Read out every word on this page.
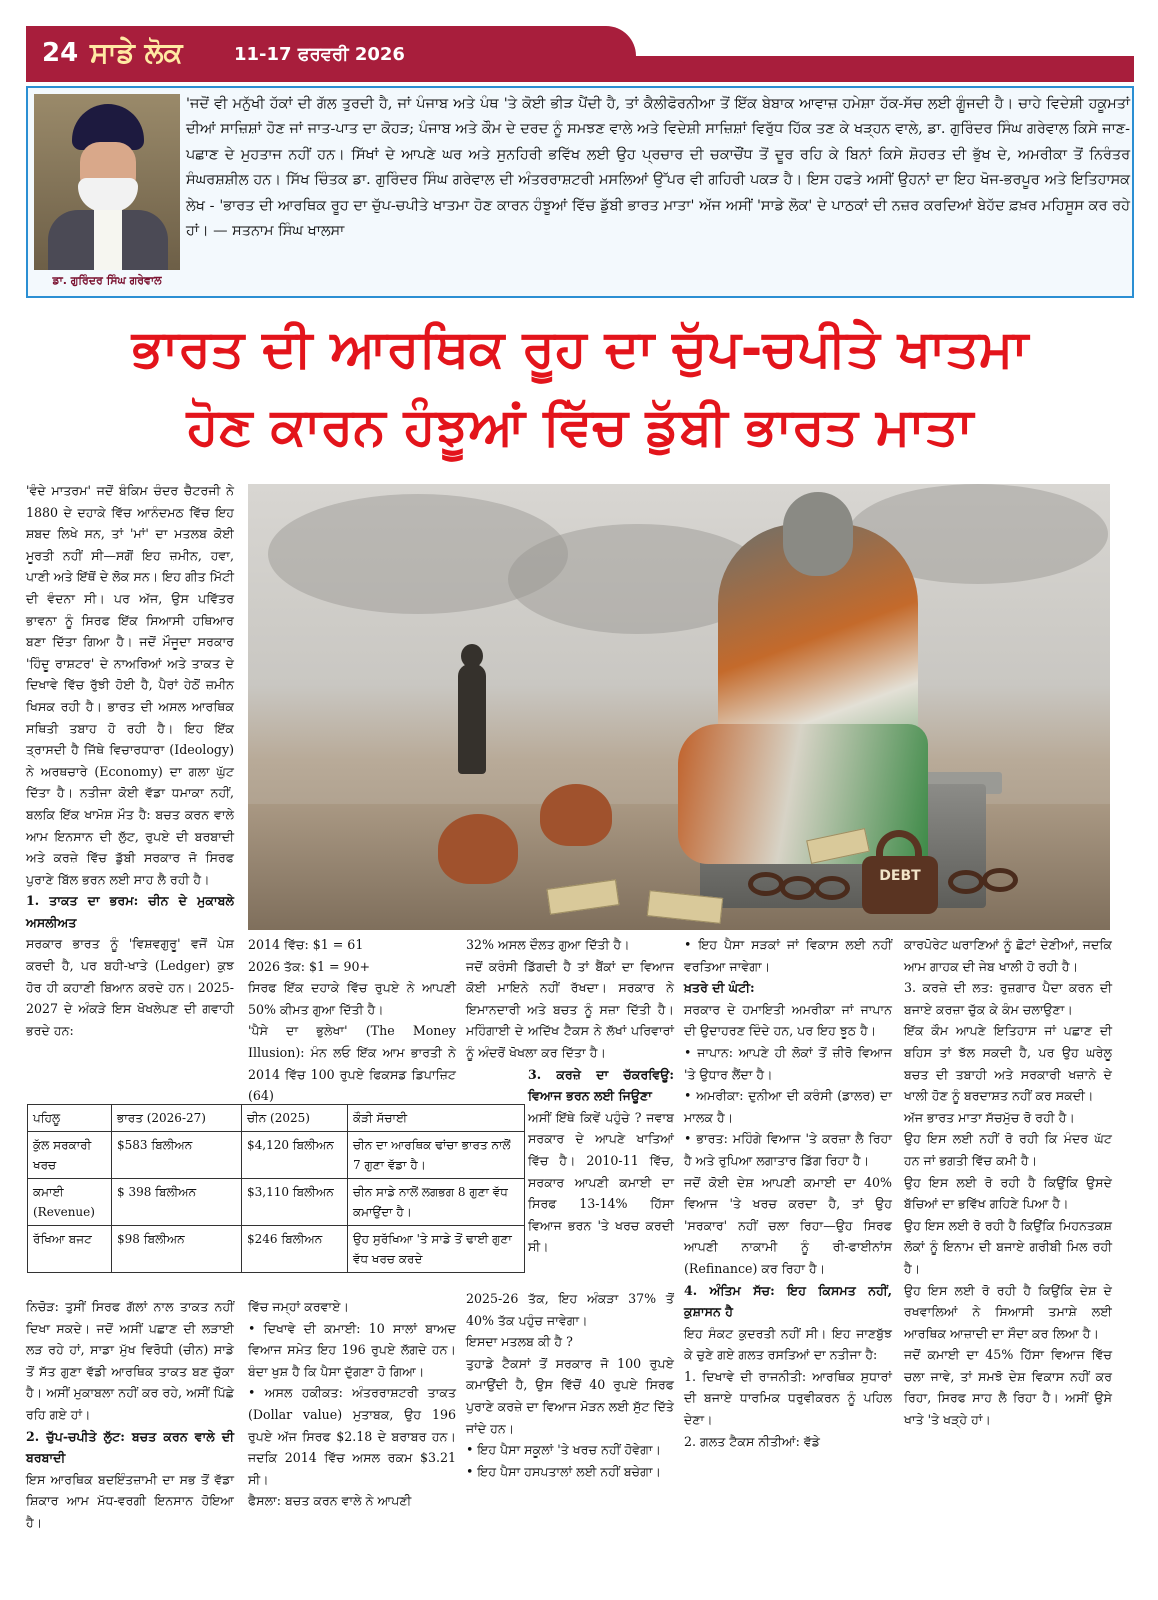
24 ਸਾਡੇ ਲੋਕ	11-17 ਫਰਵਰੀ 2026
ਡਾ. ਗੁਰਿੰਦਰ ਸਿੰਘ ਗਰੇਵਾਲ

'ਜਦੋਂ ਵੀ ਮਨੁੱਖੀ ਹੱਕਾਂ ਦੀ ਗੱਲ ਤੁਰਦੀ ਹੈ, ਜਾਂ ਪੰਜਾਬ ਅਤੇ ਪੰਥ 'ਤੇ ਕੋਈ ਭੀੜ ਪੈਂਦੀ ਹੈ, ਤਾਂ ਕੈਲੀਫੋਰਨੀਆ ਤੋਂ ਇੱਕ ਬੇਬਾਕ ਆਵਾਜ਼ ਹਮੇਸ਼ਾ ਹੱਕ-ਸੱਚ ਲਈ ਗੂੰਜਦੀ ਹੈ। ਚਾਹੇ ਵਿਦੇਸ਼ੀ ਹਕੂਮਤਾਂ ਦੀਆਂ ਸਾਜ਼ਿਸ਼ਾਂ ਹੋਣ ਜਾਂ ਜਾਤ-ਪਾਤ ਦਾ ਕੋਹੜ; ਪੰਜਾਬ ਅਤੇ ਕੌਮ ਦੇ ਦਰਦ ਨੂੰ ਸਮਝਣ ਵਾਲੇ ਅਤੇ ਵਿਦੇਸ਼ੀ ਸਾਜ਼ਿਸ਼ਾਂ ਵਿਰੁੱਧ ਹਿੱਕ ਤਣ ਕੇ ਖੜ੍ਹਨ ਵਾਲੇ, ਡਾ. ਗੁਰਿੰਦਰ ਸਿੰਘ ਗਰੇਵਾਲ ਕਿਸੇ ਜਾਣ-ਪਛਾਣ ਦੇ ਮੁਹਤਾਜ ਨਹੀਂ ਹਨ। ਸਿੱਖਾਂ ਦੇ ਆਪਣੇ ਘਰ ਅਤੇ ਸੁਨਹਿਰੀ ਭਵਿੱਖ ਲਈ ਉਹ ਪ੍ਰਚਾਰ ਦੀ ਚਕਾਚੌਂਧ ਤੋਂ ਦੂਰ ਰਹਿ ਕੇ ਬਿਨਾਂ ਕਿਸੇ ਸ਼ੋਹਰਤ ਦੀ ਭੁੱਖ ਦੇ, ਅਮਰੀਕਾ ਤੋਂ ਨਿਰੰਤਰ ਸੰਘਰਸ਼ਸ਼ੀਲ ਹਨ। ਸਿੱਖ ਚਿੰਤਕ ਡਾ. ਗੁਰਿੰਦਰ ਸਿੰਘ ਗਰੇਵਾਲ ਦੀ ਅੰਤਰਰਾਸ਼ਟਰੀ ਮਸਲਿਆਂ ਉੱਪਰ ਵੀ ਗਹਿਰੀ ਪਕੜ ਹੈ। ਇਸ ਹਫਤੇ ਅਸੀਂ ਉਹਨਾਂ ਦਾ ਇਹ ਖੋਜ-ਭਰਪੂਰ ਅਤੇ ਇਤਿਹਾਸਕ ਲੇਖ - 'ਭਾਰਤ ਦੀ ਆਰਥਿਕ ਰੂਹ ਦਾ ਚੁੱਪ-ਚਪੀਤੇ ਖਾਤਮਾ ਹੋਣ ਕਾਰਨ ਹੰਝੂਆਂ ਵਿੱਚ ਡੁੱਬੀ ਭਾਰਤ ਮਾਤਾ' ਅੱਜ ਅਸੀਂ 'ਸਾਡੇ ਲੋਕ' ਦੇ ਪਾਠਕਾਂ ਦੀ ਨਜ਼ਰ ਕਰਦਿਆਂ ਬੇਹੱਦ ਫ਼ਖ਼ਰ ਮਹਿਸੂਸ ਕਰ ਰਹੇ ਹਾਂ। — ਸਤਨਾਮ ਸਿੰਘ ਖਾਲਸਾ

ਭਾਰਤ ਦੀ ਆਰਥਿਕ ਰੂਹ ਦਾ ਚੁੱਪ-ਚਪੀਤੇ ਖਾਤਮਾ
ਹੋਣ ਕਾਰਨ ਹੰਝੂਆਂ ਵਿੱਚ ਡੁੱਬੀ ਭਾਰਤ ਮਾਤਾ

'ਵੰਦੇ ਮਾਤਰਮ' ਜਦੋਂ ਬੰਕਿਮ ਚੰਦਰ ਚੈਟਰਜੀ ਨੇ 1880 ਦੇ ਦਹਾਕੇ ਵਿੱਚ ਆਨੰਦਮਠ ਵਿੱਚ ਇਹ ਸ਼ਬਦ ਲਿਖੇ ਸਨ, ਤਾਂ 'ਮਾਂ' ਦਾ ਮਤਲਬ ਕੋਈ ਮੂਰਤੀ ਨਹੀਂ ਸੀ—ਸਗੋਂ ਇਹ ਜ਼ਮੀਨ, ਹਵਾ, ਪਾਣੀ ਅਤੇ ਇੱਥੋਂ ਦੇ ਲੋਕ ਸਨ। ਇਹ ਗੀਤ ਮਿੱਟੀ ਦੀ ਵੰਦਨਾ ਸੀ। ਪਰ ਅੱਜ, ਉਸ ਪਵਿੱਤਰ ਭਾਵਨਾ ਨੂੰ ਸਿਰਫ ਇੱਕ ਸਿਆਸੀ ਹਥਿਆਰ ਬਣਾ ਦਿੱਤਾ ਗਿਆ ਹੈ। ਜਦੋਂ ਮੌਜੂਦਾ ਸਰਕਾਰ 'ਹਿੰਦੂ ਰਾਸ਼ਟਰ' ਦੇ ਨਾਅਰਿਆਂ ਅਤੇ ਤਾਕਤ ਦੇ ਦਿਖਾਵੇ ਵਿੱਚ ਰੁੱਝੀ ਹੋਈ ਹੈ, ਪੈਰਾਂ ਹੇਠੋਂ ਜ਼ਮੀਨ ਖਿਸਕ ਰਹੀ ਹੈ। ਭਾਰਤ ਦੀ ਅਸਲ ਆਰਥਿਕ ਸਥਿਤੀ ਤਬਾਹ ਹੋ ਰਹੀ ਹੈ। ਇਹ ਇੱਕ ਤ੍ਰਾਸਦੀ ਹੈ ਜਿੱਥੇ ਵਿਚਾਰਧਾਰਾ (Ideology) ਨੇ ਅਰਥਚਾਰੇ (Economy) ਦਾ ਗਲਾ ਘੁੱਟ ਦਿੱਤਾ ਹੈ। ਨਤੀਜਾ ਕੋਈ ਵੱਡਾ ਧਮਾਕਾ ਨਹੀਂ, ਬਲਕਿ ਇੱਕ ਖਾਮੋਸ਼ ਮੌਤ ਹੈ: ਬਚਤ ਕਰਨ ਵਾਲੇ ਆਮ ਇਨਸਾਨ ਦੀ ਲੁੱਟ, ਰੁਪਏ ਦੀ ਬਰਬਾਦੀ ਅਤੇ ਕਰਜ਼ੇ ਵਿੱਚ ਡੁੱਬੀ ਸਰਕਾਰ ਜੋ ਸਿਰਫ ਪੁਰਾਣੇ ਬਿੱਲ ਭਰਨ ਲਈ ਸਾਹ ਲੈ ਰਹੀ ਹੈ।

1. ਤਾਕਤ ਦਾ ਭਰਮ: ਚੀਨ ਦੇ ਮੁਕਾਬਲੇ ਅਸਲੀਅਤ

ਸਰਕਾਰ ਭਾਰਤ ਨੂੰ 'ਵਿਸ਼ਵਗੁਰੂ' ਵਜੋਂ ਪੇਸ਼ ਕਰਦੀ ਹੈ, ਪਰ ਬਹੀ-ਖਾਤੇ (Ledger) ਕੁਝ ਹੋਰ ਹੀ ਕਹਾਣੀ ਬਿਆਨ ਕਰਦੇ ਹਨ। 2025-2027 ਦੇ ਅੰਕੜੇ ਇਸ ਖੋਖਲੇਪਣ ਦੀ ਗਵਾਹੀ ਭਰਦੇ ਹਨ:

DEBT

2014 ਵਿੱਚ: $1 = 61

2026 ਤੱਕ: $1 = 90+

ਸਿਰਫ ਇੱਕ ਦਹਾਕੇ ਵਿੱਚ ਰੁਪਏ ਨੇ ਆਪਣੀ 50% ਕੀਮਤ ਗੁਆ ਦਿੱਤੀ ਹੈ।

'ਪੈਸੇ ਦਾ ਭੁਲੇਖਾ' (The Money Illusion): ਮੰਨ ਲਓ ਇੱਕ ਆਮ ਭਾਰਤੀ ਨੇ 2014 ਵਿੱਚ 100 ਰੁਪਏ ਫਿਕਸਡ ਡਿਪਾਜ਼ਿਟ (64)

32% ਅਸਲ ਦੌਲਤ ਗੁਆ ਦਿੱਤੀ ਹੈ।

ਜਦੋਂ ਕਰੰਸੀ ਡਿੱਗਦੀ ਹੈ ਤਾਂ ਬੈਂਕਾਂ ਦਾ ਵਿਆਜ ਕੋਈ ਮਾਇਨੇ ਨਹੀਂ ਰੱਖਦਾ। ਸਰਕਾਰ ਨੇ ਇਮਾਨਦਾਰੀ ਅਤੇ ਬਚਤ ਨੂੰ ਸਜ਼ਾ ਦਿੱਤੀ ਹੈ। ਮਹਿੰਗਾਈ ਦੇ ਅਦਿੱਖ ਟੈਕਸ ਨੇ ਲੱਖਾਂ ਪਰਿਵਾਰਾਂ ਨੂੰ ਅੰਦਰੋਂ ਖੋਖਲਾ ਕਰ ਦਿੱਤਾ ਹੈ।

3. ਕਰਜ਼ੇ ਦਾ ਚੱਕਰਵਿਊ: ਵਿਆਜ ਭਰਨ ਲਈ ਜਿਊਣਾ

ਅਸੀਂ ਇੱਥੇ ਕਿਵੇਂ ਪਹੁੰਚੇ ? ਜਵਾਬ ਸਰਕਾਰ ਦੇ ਆਪਣੇ ਖਾਤਿਆਂ ਵਿੱਚ ਹੈ। 2010-11 ਵਿੱਚ, ਸਰਕਾਰ ਆਪਣੀ ਕਮਾਈ ਦਾ ਸਿਰਫ 13-14% ਹਿੱਸਾ ਵਿਆਜ ਭਰਨ 'ਤੇ ਖਰਚ ਕਰਦੀ ਸੀ।

2025-26 ਤੱਕ, ਇਹ ਅੰਕੜਾ 37% ਤੋਂ 40% ਤੱਕ ਪਹੁੰਚ ਜਾਵੇਗਾ।

ਇਸਦਾ ਮਤਲਬ ਕੀ ਹੈ ?

ਤੁਹਾਡੇ ਟੈਕਸਾਂ ਤੋਂ ਸਰਕਾਰ ਜੋ 100 ਰੁਪਏ ਕਮਾਉਂਦੀ ਹੈ, ਉਸ ਵਿੱਚੋਂ 40 ਰੁਪਏ ਸਿਰਫ ਪੁਰਾਣੇ ਕਰਜ਼ੇ ਦਾ ਵਿਆਜ ਮੋੜਨ ਲਈ ਸੁੱਟ ਦਿੱਤੇ ਜਾਂਦੇ ਹਨ।

• ਇਹ ਪੈਸਾ ਸਕੂਲਾਂ 'ਤੇ ਖਰਚ ਨਹੀਂ ਹੋਵੇਗਾ।

• ਇਹ ਪੈਸਾ ਹਸਪਤਾਲਾਂ ਲਈ ਨਹੀਂ ਬਚੇਗਾ।

• ਇਹ ਪੈਸਾ ਸੜਕਾਂ ਜਾਂ ਵਿਕਾਸ ਲਈ ਨਹੀਂ ਵਰਤਿਆ ਜਾਵੇਗਾ।

ਖ਼ਤਰੇ ਦੀ ਘੰਟੀ:

ਸਰਕਾਰ ਦੇ ਹਮਾਇਤੀ ਅਮਰੀਕਾ ਜਾਂ ਜਾਪਾਨ ਦੀ ਉਦਾਹਰਣ ਦਿੰਦੇ ਹਨ, ਪਰ ਇਹ ਝੂਠ ਹੈ।

• ਜਾਪਾਨ: ਆਪਣੇ ਹੀ ਲੋਕਾਂ ਤੋਂ ਜ਼ੀਰੋ ਵਿਆਜ 'ਤੇ ਉਧਾਰ ਲੈਂਦਾ ਹੈ।

• ਅਮਰੀਕਾ: ਦੁਨੀਆ ਦੀ ਕਰੰਸੀ (ਡਾਲਰ) ਦਾ ਮਾਲਕ ਹੈ।

• ਭਾਰਤ: ਮਹਿੰਗੇ ਵਿਆਜ 'ਤੇ ਕਰਜ਼ਾ ਲੈ ਰਿਹਾ ਹੈ ਅਤੇ ਰੁਪਿਆ ਲਗਾਤਾਰ ਡਿੱਗ ਰਿਹਾ ਹੈ।

ਜਦੋਂ ਕੋਈ ਦੇਸ਼ ਆਪਣੀ ਕਮਾਈ ਦਾ 40% ਵਿਆਜ 'ਤੇ ਖਰਚ ਕਰਦਾ ਹੈ, ਤਾਂ ਉਹ 'ਸਰਕਾਰ' ਨਹੀਂ ਚਲਾ ਰਿਹਾ—ਉਹ ਸਿਰਫ ਆਪਣੀ ਨਾਕਾਮੀ ਨੂੰ ਰੀ-ਫਾਈਨਾਂਸ (Refinance) ਕਰ ਰਿਹਾ ਹੈ।

4. ਅੰਤਿਮ ਸੱਚ: ਇਹ ਕਿਸਮਤ ਨਹੀਂ, ਕੁਸ਼ਾਸਨ ਹੈ

ਇਹ ਸੰਕਟ ਕੁਦਰਤੀ ਨਹੀਂ ਸੀ। ਇਹ ਜਾਣਬੁੱਝ ਕੇ ਚੁਣੇ ਗਏ ਗਲਤ ਰਸਤਿਆਂ ਦਾ ਨਤੀਜਾ ਹੈ:

1. ਦਿਖਾਵੇ ਦੀ ਰਾਜਨੀਤੀ: ਆਰਥਿਕ ਸੁਧਾਰਾਂ ਦੀ ਬਜਾਏ ਧਾਰਮਿਕ ਧਰੁਵੀਕਰਨ ਨੂੰ ਪਹਿਲ ਦੇਣਾ।

2. ਗਲਤ ਟੈਕਸ ਨੀਤੀਆਂ: ਵੱਡੇ

ਕਾਰਪੋਰੇਟ ਘਰਾਣਿਆਂ ਨੂੰ ਛੋਟਾਂ ਦੇਣੀਆਂ, ਜਦਕਿ ਆਮ ਗਾਹਕ ਦੀ ਜੇਬ ਖਾਲੀ ਹੋ ਰਹੀ ਹੈ।

3. ਕਰਜ਼ੇ ਦੀ ਲਤ: ਰੁਜ਼ਗਾਰ ਪੈਦਾ ਕਰਨ ਦੀ ਬਜਾਏ ਕਰਜ਼ਾ ਚੁੱਕ ਕੇ ਕੰਮ ਚਲਾਉਣਾ।

ਇੱਕ ਕੌਮ ਆਪਣੇ ਇਤਿਹਾਸ ਜਾਂ ਪਛਾਣ ਦੀ ਬਹਿਸ ਤਾਂ ਝੱਲ ਸਕਦੀ ਹੈ, ਪਰ ਉਹ ਘਰੇਲੂ ਬਚਤ ਦੀ ਤਬਾਹੀ ਅਤੇ ਸਰਕਾਰੀ ਖਜ਼ਾਨੇ ਦੇ ਖਾਲੀ ਹੋਣ ਨੂੰ ਬਰਦਾਸ਼ਤ ਨਹੀਂ ਕਰ ਸਕਦੀ।

ਅੱਜ ਭਾਰਤ ਮਾਤਾ ਸੱਚਮੁੱਚ ਰੋ ਰਹੀ ਹੈ।

ਉਹ ਇਸ ਲਈ ਨਹੀਂ ਰੋ ਰਹੀ ਕਿ ਮੰਦਰ ਘੱਟ ਹਨ ਜਾਂ ਭਗਤੀ ਵਿੱਚ ਕਮੀ ਹੈ।

ਉਹ ਇਸ ਲਈ ਰੋ ਰਹੀ ਹੈ ਕਿਉਂਕਿ ਉਸਦੇ ਬੱਚਿਆਂ ਦਾ ਭਵਿੱਖ ਗਹਿਣੇ ਪਿਆ ਹੈ।

ਉਹ ਇਸ ਲਈ ਰੋ ਰਹੀ ਹੈ ਕਿਉਂਕਿ ਮਿਹਨਤਕਸ਼ ਲੋਕਾਂ ਨੂੰ ਇਨਾਮ ਦੀ ਬਜਾਏ ਗਰੀਬੀ ਮਿਲ ਰਹੀ ਹੈ।

ਉਹ ਇਸ ਲਈ ਰੋ ਰਹੀ ਹੈ ਕਿਉਂਕਿ ਦੇਸ਼ ਦੇ ਰਖਵਾਲਿਆਂ ਨੇ ਸਿਆਸੀ ਤਮਾਸ਼ੇ ਲਈ ਆਰਥਿਕ ਆਜ਼ਾਦੀ ਦਾ ਸੌਦਾ ਕਰ ਲਿਆ ਹੈ।

ਜਦੋਂ ਕਮਾਈ ਦਾ 45% ਹਿੱਸਾ ਵਿਆਜ ਵਿੱਚ ਚਲਾ ਜਾਵੇ, ਤਾਂ ਸਮਝੋ ਦੇਸ਼ ਵਿਕਾਸ ਨਹੀਂ ਕਰ ਰਿਹਾ, ਸਿਰਫ ਸਾਹ ਲੈ ਰਿਹਾ ਹੈ। ਅਸੀਂ ਉਸੇ ਖਾਤੇ 'ਤੇ ਖੜ੍ਹੇ ਹਾਂ।

ਪਹਿਲੂ	ਭਾਰਤ (2026-27)	ਚੀਨ (2025)	ਕੌੜੀ ਸੱਚਾਈ
ਕੁੱਲ ਸਰਕਾਰੀ ਖਰਚ	$583 ਬਿਲੀਅਨ	$4,120 ਬਿਲੀਅਨ	ਚੀਨ ਦਾ ਆਰਥਿਕ ਢਾਂਚਾ ਭਾਰਤ ਨਾਲੋਂ 7 ਗੁਣਾ ਵੱਡਾ ਹੈ।
ਕਮਾਈ (Revenue)	$ 398 ਬਿਲੀਅਨ	$3,110 ਬਿਲੀਅਨ	ਚੀਨ ਸਾਡੇ ਨਾਲੋਂ ਲਗਭਗ 8 ਗੁਣਾ ਵੱਧ ਕਮਾਉਂਦਾ ਹੈ।
ਰੱਖਿਆ ਬਜਟ	$98 ਬਿਲੀਅਨ	$246 ਬਿਲੀਅਨ	ਉਹ ਸੁਰੱਖਿਆ 'ਤੇ ਸਾਡੇ ਤੋਂ ਢਾਈ ਗੁਣਾ ਵੱਧ ਖਰਚ ਕਰਦੇ

ਨਿਚੋੜ: ਤੁਸੀਂ ਸਿਰਫ ਗੱਲਾਂ ਨਾਲ ਤਾਕਤ ਨਹੀਂ ਦਿਖਾ ਸਕਦੇ। ਜਦੋਂ ਅਸੀਂ ਪਛਾਣ ਦੀ ਲੜਾਈ ਲੜ ਰਹੇ ਹਾਂ, ਸਾਡਾ ਮੁੱਖ ਵਿਰੋਧੀ (ਚੀਨ) ਸਾਡੇ ਤੋਂ ਸੱਤ ਗੁਣਾ ਵੱਡੀ ਆਰਥਿਕ ਤਾਕਤ ਬਣ ਚੁੱਕਾ ਹੈ। ਅਸੀਂ ਮੁਕਾਬਲਾ ਨਹੀਂ ਕਰ ਰਹੇ, ਅਸੀਂ ਪਿੱਛੇ ਰਹਿ ਗਏ ਹਾਂ।

2. ਚੁੱਪ-ਚਪੀਤੇ ਲੁੱਟ: ਬਚਤ ਕਰਨ ਵਾਲੇ ਦੀ ਬਰਬਾਦੀ

ਇਸ ਆਰਥਿਕ ਬਦਇੰਤਜ਼ਾਮੀ ਦਾ ਸਭ ਤੋਂ ਵੱਡਾ ਸ਼ਿਕਾਰ ਆਮ ਮੱਧ-ਵਰਗੀ ਇਨਸਾਨ ਹੋਇਆ ਹੈ।

ਵਿੱਚ ਜਮ੍ਹਾਂ ਕਰਵਾਏ।

• ਦਿਖਾਵੇ ਦੀ ਕਮਾਈ: 10 ਸਾਲਾਂ ਬਾਅਦ ਵਿਆਜ ਸਮੇਤ ਇਹ 196 ਰੁਪਏ ਲੱਗਦੇ ਹਨ। ਬੰਦਾ ਖੁਸ਼ ਹੈ ਕਿ ਪੈਸਾ ਦੁੱਗਣਾ ਹੋ ਗਿਆ।

• ਅਸਲ ਹਕੀਕਤ: ਅੰਤਰਰਾਸ਼ਟਰੀ ਤਾਕਤ (Dollar value) ਮੁਤਾਬਕ, ਉਹ 196 ਰੁਪਏ ਅੱਜ ਸਿਰਫ $2.18 ਦੇ ਬਰਾਬਰ ਹਨ। ਜਦਕਿ 2014 ਵਿੱਚ ਅਸਲ ਰਕਮ $3.21 ਸੀ।

ਫੈਸਲਾ: ਬਚਤ ਕਰਨ ਵਾਲੇ ਨੇ ਆਪਣੀ
